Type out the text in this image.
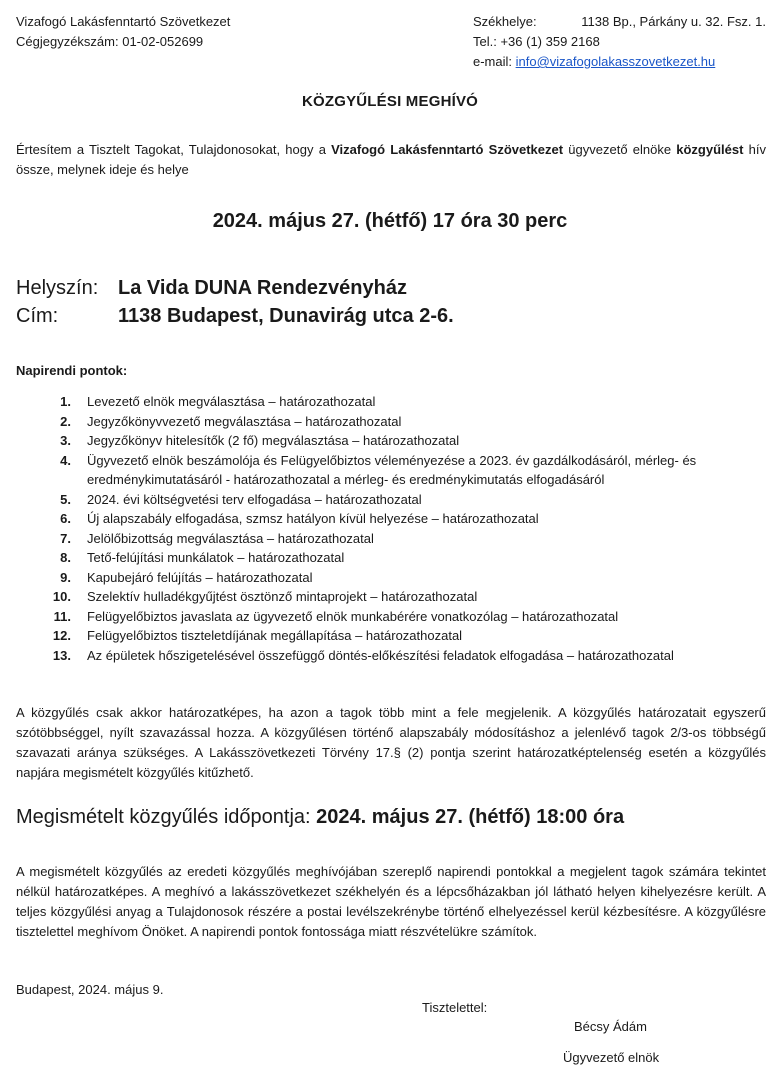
Vizafogó Lakásfenntartó Szövetkezet
Cégjegyzékszám: 01-02-052699
Székhelye:	1138 Bp., Párkány u. 32. Fsz. 1.
Tel.: +36 (1) 359 2168
e-mail: info@vizafogolakasszovetkezet.hu
KÖZGYŰLÉSI MEGHÍVÓ
Értesítem a Tisztelt Tagokat, Tulajdonosokat, hogy a Vizafogó Lakásfenntartó Szövetkezet ügyvezető elnöke közgyűlést hív össze, melynek ideje és helye
2024. május 27. (hétfő) 17 óra 30 perc
Helyszín: La Vida DUNA Rendezvényház
Cím:	1138 Budapest, Dunavirág utca 2-6.
Napirendi pontok:
1. Levezető elnök megválasztása – határozathozatal
2. Jegyzőkönyvvezető megválasztása – határozathozatal
3. Jegyzőkönyv hitelesítők (2 fő) megválasztása – határozathozatal
4. Ügyvezető elnök beszámolója és Felügyelőbiztos véleményezése a 2023. év gazdálkodásáról, mérleg- és eredménykimutatásáról - határozathozatal a mérleg- és eredménykimutatás elfogadásáról
5. 2024. évi költségvetési terv elfogadása – határozathozatal
6. Új alapszabály elfogadása, szmsz hatályon kívül helyezése – határozathozatal
7. Jelölőbizottság megválasztása – határozathozatal
8. Tető-felújítási munkálatok – határozathozatal
9. Kapubejáró felújítás – határozathozatal
10. Szelektív hulladékgyűjtést ösztönző mintaprojekt – határozathozatal
11. Felügyelőbiztos javaslata az ügyvezető elnök munkabérére vonatkozólag – határozathozatal
12. Felügyelőbiztos tiszteletdíjának megállapítása – határozathozatal
13. Az épületek hőszigetelésével összefüggő döntés-előkészítési feladatok elfogadása – határozathozatal
A közgyűlés csak akkor határozatképes, ha azon a tagok több mint a fele megjelenik. A közgyűlés határozatait egyszerű szótöbbséggel, nyílt szavazással hozza. A közgyűlésen történő alapszabály módosításhoz a jelenlévő tagok 2/3-os többségű szavazati aránya szükséges. A Lakásszövetkezeti Törvény 17.§ (2) pontja szerint határozatképtelenség esetén a közgyűlés napjára megismételt közgyűlés kitűzhető.
Megismételt közgyűlés időpontja: 2024. május 27. (hétfő) 18:00 óra
A megismételt közgyűlés az eredeti közgyűlés meghívójában szereplő napirendi pontokkal a megjelent tagok számára tekintet nélkül határozatképes. A meghívó a lakásszövetkezet székhelyén és a lépcsőházakban jól látható helyen kihelyezésre került. A teljes közgyűlési anyag a Tulajdonosok részére a postai levélszekrénybe történő elhelyezéssel kerül kézbesítésre. A közgyűlésre tisztelettel meghívom Önöket. A napirendi pontok fontossága miatt részvételükre számítok.
Budapest, 2024. május 9.
Tisztelettel:
Bécsy Ádám
Ügyvezető elnök
